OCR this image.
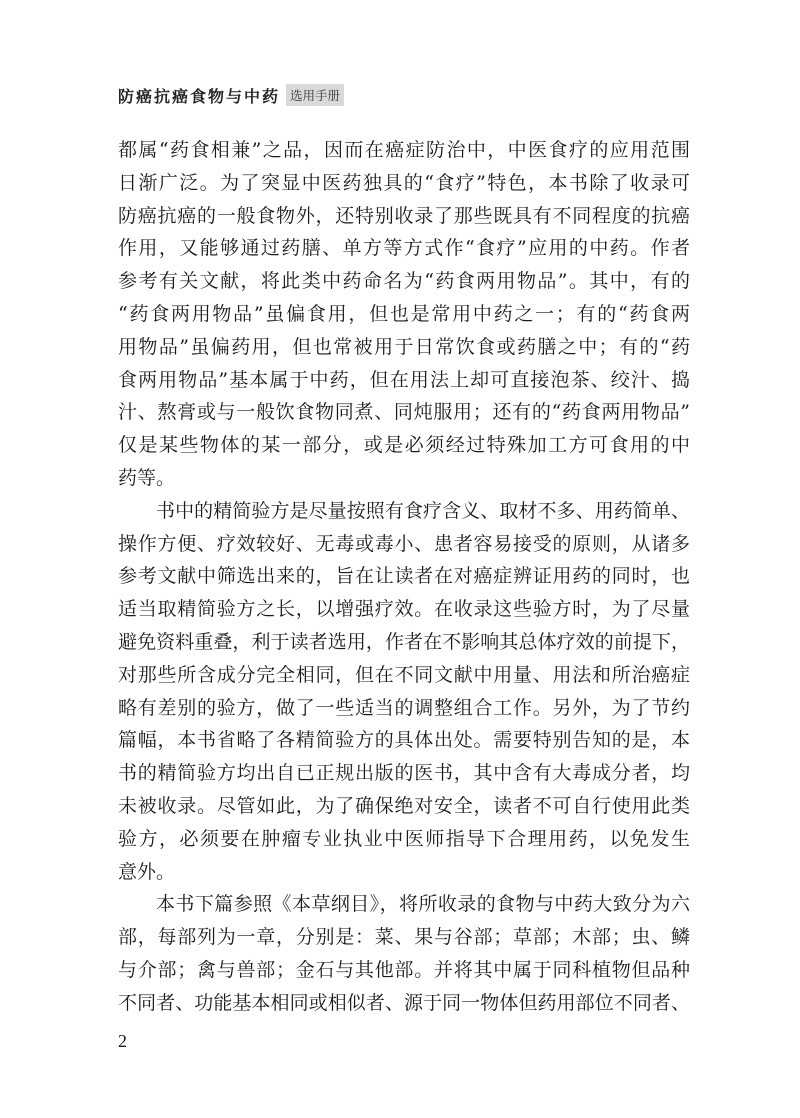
防癌抗癌食物与中药 选用手册
都属“药食相兼”之品，因而在癌症防治中，中医食疗的应用范围
日渐广泛。为了突显中医药独具的“食疗”特色，本书除了收录可
防癌抗癌的一般食物外，还特别收录了那些既具有不同程度的抗癌
作用，又能够通过药膳、单方等方式作“食疗”应用的中药。作者
参考有关文献，将此类中药命名为“药食两用物品”。其中，有的
“药食两用物品”虽偏食用，但也是常用中药之一；有的“药食两
用物品”虽偏药用，但也常被用于日常饮食或药膳之中；有的“药
食两用物品”基本属于中药，但在用法上却可直接泡茶、绞汁、捣
汁、熬膏或与一般饮食物同煮、同炖服用；还有的“药食两用物品”
仅是某些物体的某一部分，或是必须经过特殊加工方可食用的中
药等。
书中的精简验方是尽量按照有食疗含义、取材不多、用药简单、
操作方便、疗效较好、无毒或毒小、患者容易接受的原则，从诸多
参考文献中筛选出来的，旨在让读者在对癌症辨证用药的同时，也
适当取精简验方之长，以增强疗效。在收录这些验方时，为了尽量
避免资料重叠，利于读者选用，作者在不影响其总体疗效的前提下，
对那些所含成分完全相同，但在不同文献中用量、用法和所治癌症
略有差别的验方，做了一些适当的调整组合工作。另外，为了节约
篇幅，本书省略了各精简验方的具体出处。需要特别告知的是，本
书的精简验方均出自已正规出版的医书，其中含有大毒成分者，均
未被收录。尽管如此，为了确保绝对安全，读者不可自行使用此类
验方，必须要在肿瘤专业执业中医师指导下合理用药，以免发生
意外。
本书下篇参照《本草纲目》，将所收录的食物与中药大致分为六
部，每部列为一章，分别是：菜、果与谷部；草部；木部；虫、鳞
与介部；禽与兽部；金石与其他部。并将其中属于同科植物但品种
不同者、功能基本相同或相似者、源于同一物体但药用部位不同者、
2
